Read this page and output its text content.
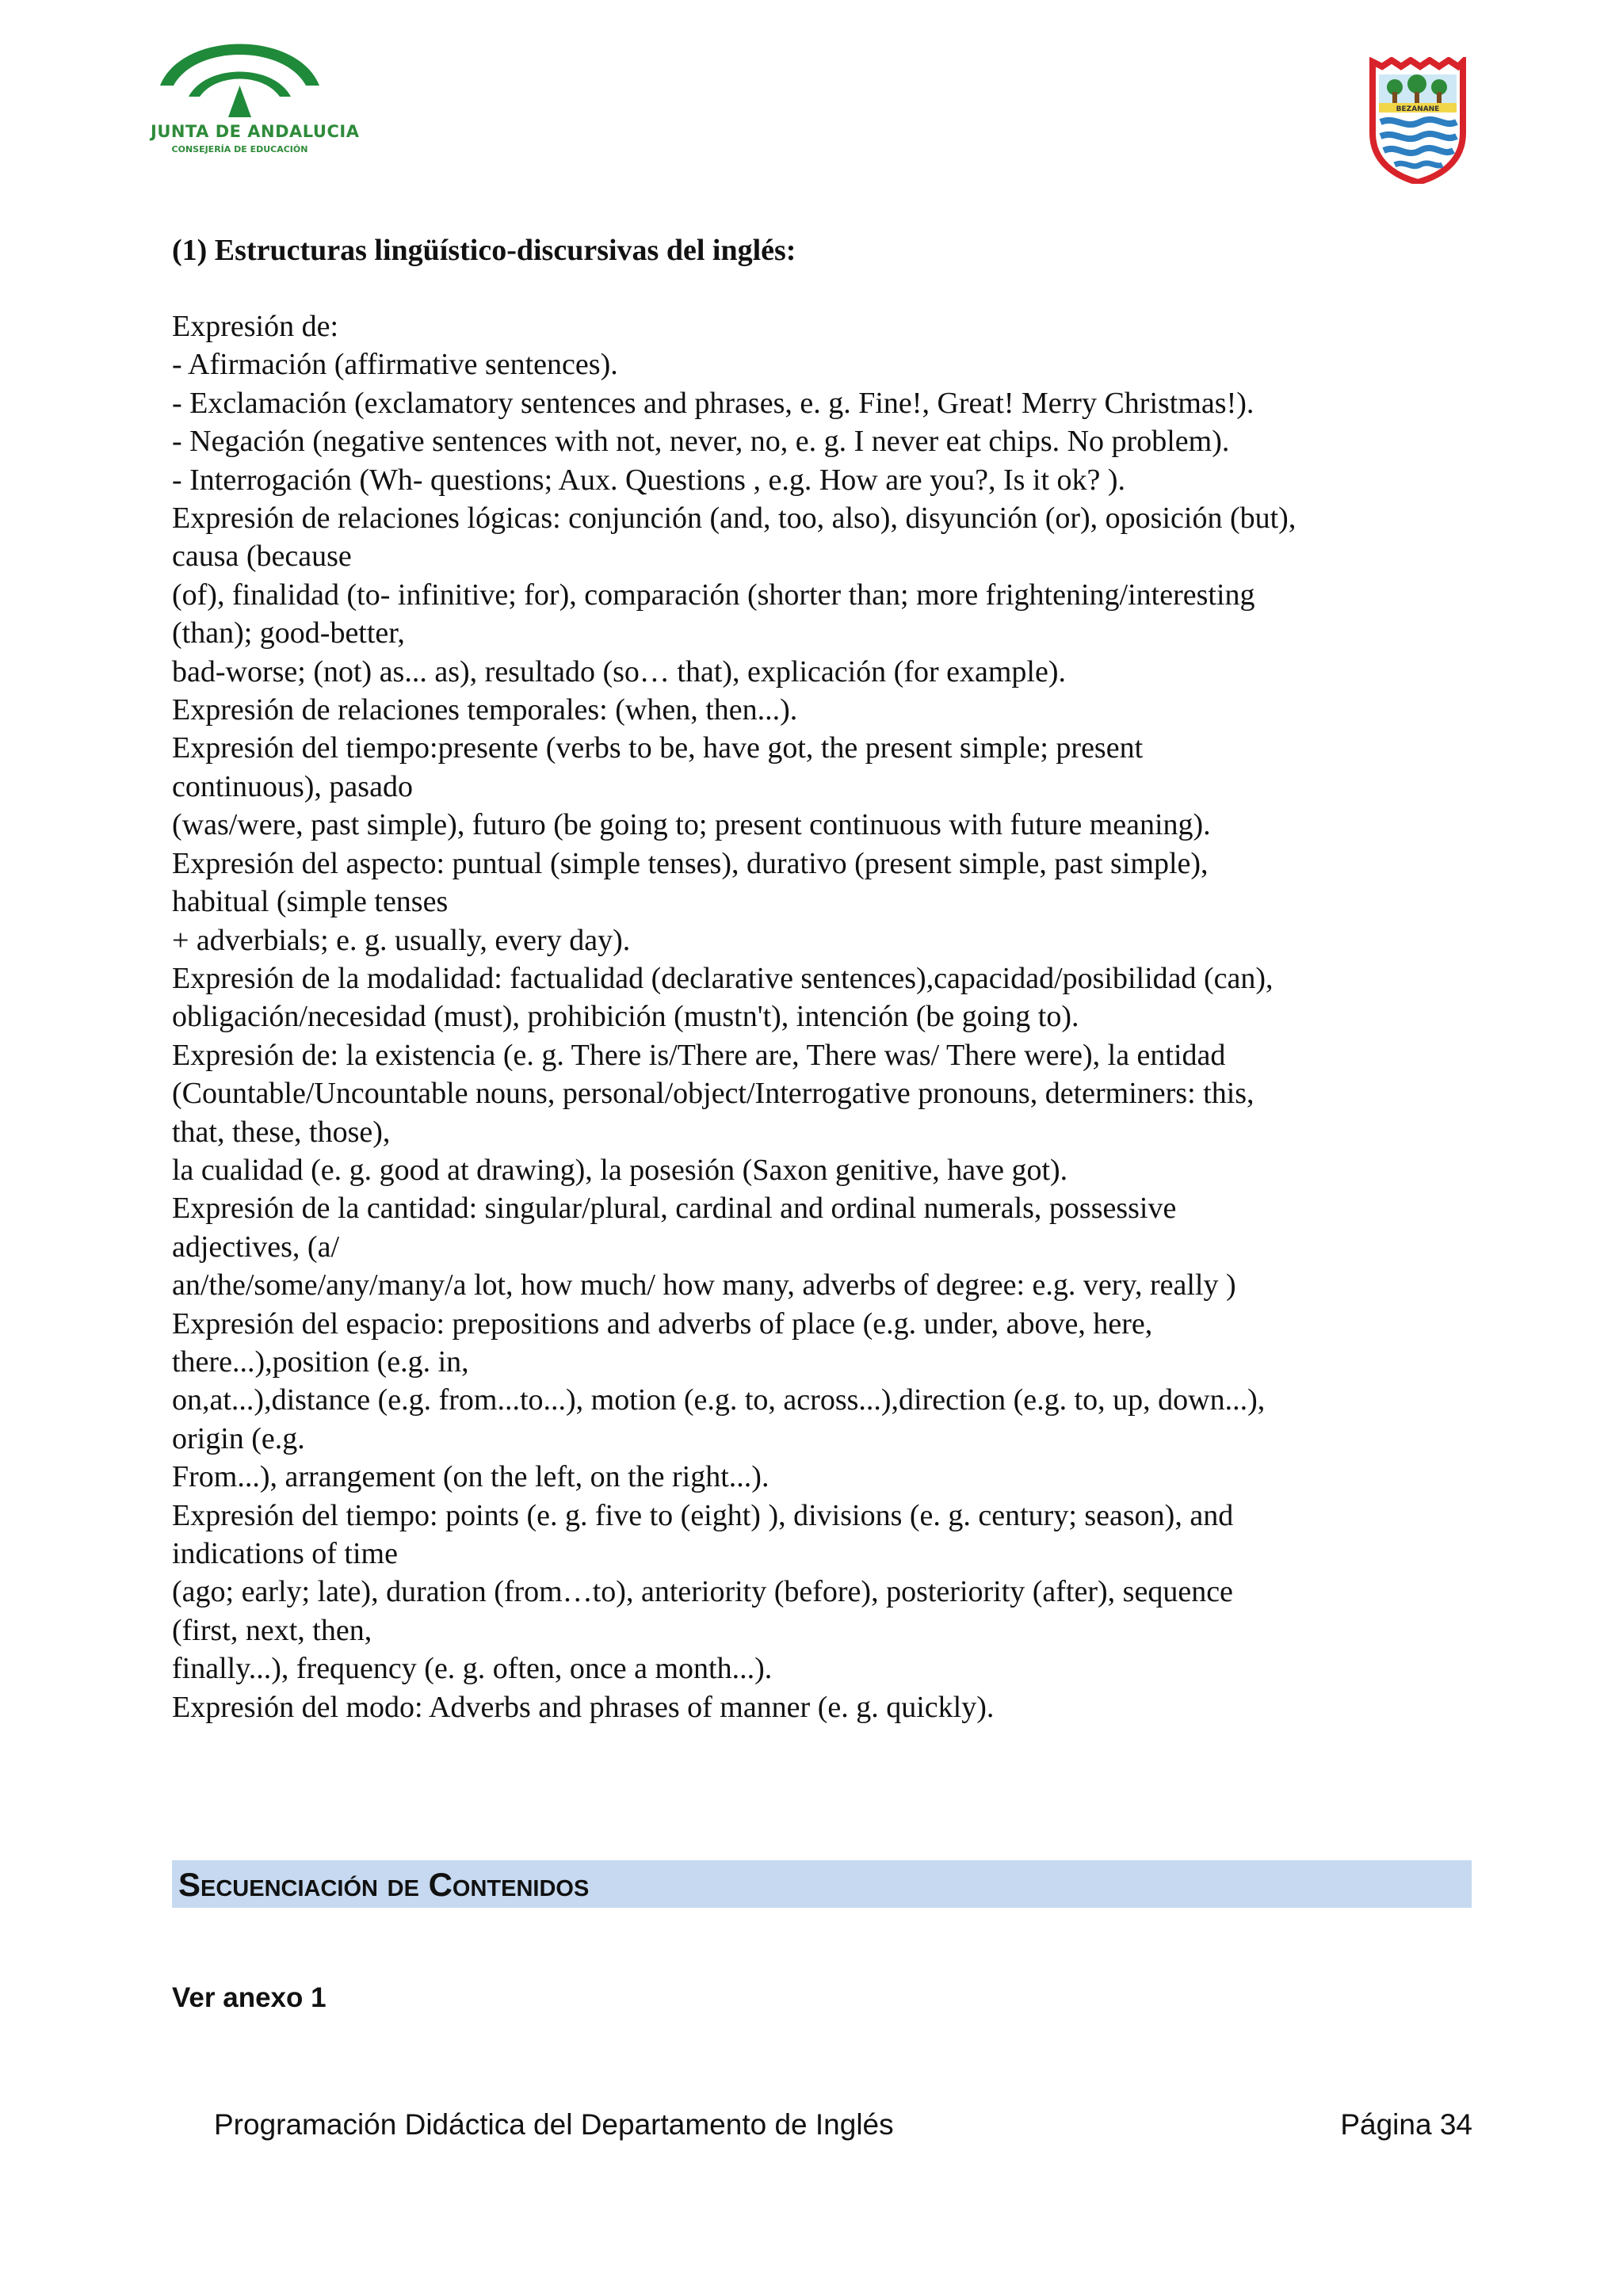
JUNTA DE ANDALUCIA
CONSEJERÍA DE EDUCACIÓN
BEZANANE
(1) Estructuras lingüístico-discursivas del inglés:
Expresión de:
- Afirmación (affirmative sentences).
- Exclamación (exclamatory sentences and phrases, e. g. Fine!, Great! Merry Christmas!).
- Negación (negative sentences with not, never, no, e. g. I never eat chips. No problem).
- Interrogación (Wh- questions; Aux. Questions , e.g. How are you?, Is it ok? ).
Expresión de relaciones lógicas: conjunción (and, too, also), disyunción (or), oposición (but),
causa (because
(of), finalidad (to- infinitive; for), comparación (shorter than; more frightening/interesting
(than); good-better,
bad-worse; (not) as... as), resultado (so… that), explicación (for example).
Expresión de relaciones temporales: (when, then...).
Expresión del tiempo:presente (verbs to be, have got, the present simple; present
continuous), pasado
(was/were, past simple), futuro (be going to; present continuous with future meaning).
Expresión del aspecto: puntual (simple tenses), durativo (present simple, past simple),
habitual (simple tenses
+ adverbials; e. g. usually, every day).
Expresión de la modalidad: factualidad (declarative sentences),capacidad/posibilidad (can),
obligación/necesidad (must), prohibición (mustn't), intención (be going to).
Expresión de: la existencia (e. g. There is/There are, There was/ There were), la entidad
(Countable/Uncountable nouns, personal/object/Interrogative pronouns, determiners: this,
that, these, those),
la cualidad (e. g. good at drawing), la posesión (Saxon genitive, have got).
Expresión de la cantidad: singular/plural, cardinal and ordinal numerals, possessive
adjectives, (a/
an/the/some/any/many/a lot, how much/ how many, adverbs of degree: e.g. very, really )
Expresión del espacio: prepositions and adverbs of place (e.g. under, above, here,
there...),position (e.g. in,
on,at...),distance (e.g. from...to...), motion (e.g. to, across...),direction (e.g. to, up, down...),
origin (e.g.
From...), arrangement (on the left, on the right...).
Expresión del tiempo: points (e. g. five to (eight) ), divisions (e. g. century; season), and
indications of time
(ago; early; late), duration (from…to), anteriority (before), posteriority (after), sequence
(first, next, then,
finally...), frequency (e. g. often, once a month...).
Expresión del modo: Adverbs and phrases of manner (e. g. quickly).
Secuenciación de Contenidos
Ver anexo 1
Programación Didáctica del Departamento de Inglés	Página 34
